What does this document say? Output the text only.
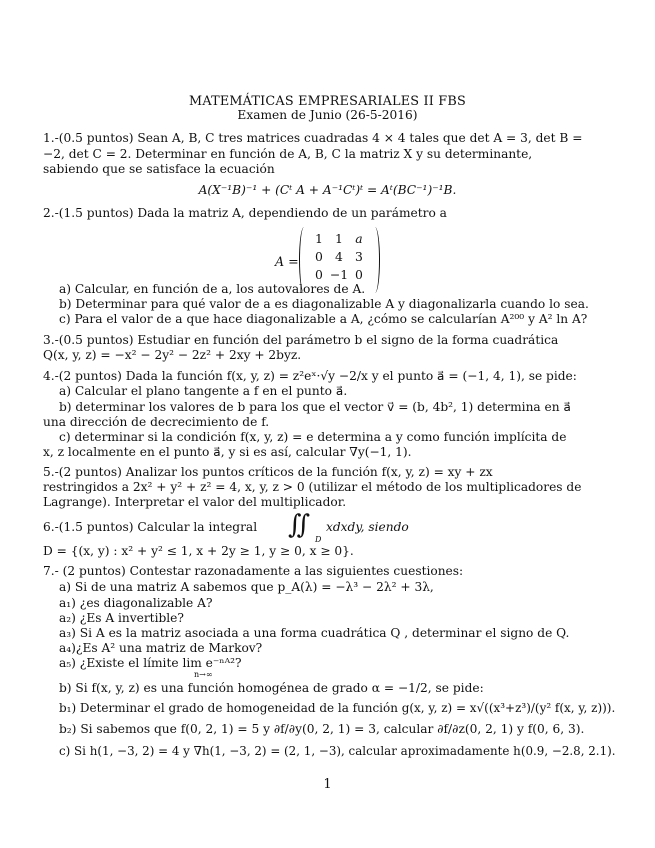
MATEMÁTICAS EMPRESARIALES II FBS
Examen de Junio (26-5-2016)
1.-(0.5 puntos) Sean A, B, C tres matrices cuadradas 4 × 4 tales que det A = 3, det B =
−2, det C = 2. Determinar en función de A, B, C la matriz X y su determinante,
sabiendo que se satisface la ecuación
A(X⁻¹B)⁻¹ + (Cᵗ A + A⁻¹Cᵗ)ᵗ = Aᵗ(BC⁻¹)⁻¹B.
2.-(1.5 puntos) Dada la matriz A, dependiendo de un parámetro a
A =
1 1 a
0 4 3
0 −1 0
a) Calcular, en función de a, los autovalores de A.
b) Determinar para qué valor de a es diagonalizable A y diagonalizarla cuando lo sea.
c) Para el valor de a que hace diagonalizable a A, ¿cómo se calcularían A²⁰⁰ y A² ln A?
3.-(0.5 puntos) Estudiar en función del parámetro b el signo de la forma cuadrática
Q(x, y, z) = −x² − 2y² − 2z² + 2xy + 2byz.
4.-(2 puntos) Dada la función f(x, y, z) = z²eˣ·√y −2/x y el punto a⃗ = (−1, 4, 1), se pide:
a) Calcular el plano tangente a f en el punto a⃗.
b) determinar los valores de b para los que el vector v⃗ = (b, 4b², 1) determina en a⃗
una dirección de decrecimiento de f.
c) determinar si la condición f(x, y, z) = e determina a y como función implícita de
x, z localmente en el punto a⃗, y si es así, calcular ∇y(−1, 1).
5.-(2 puntos) Analizar los puntos críticos de la función f(x, y, z) = xy + zx
restringidos a 2x² + y² + z² = 4, x, y, z > 0 (utilizar el método de los multiplicadores de
Lagrange). Interpretar el valor del multiplicador.
6.-(1.5 puntos) Calcular la integral ∬ D
xdxdy, siendo
D = {(x, y) : x² + y² ≤ 1, x + 2y ≥ 1, y ≥ 0, x ≥ 0}.
7.- (2 puntos) Contestar razonadamente a las siguientes cuestiones:
a) Si de una matriz A sabemos que p_A(λ) = −λ³ − 2λ² + 3λ,
a₁) ¿es diagonalizable A?
a₂) ¿Es A invertible?
a₃) Si A es la matriz asociada a una forma cuadrática Q , determinar el signo de Q.
a₄)¿Es A² una matriz de Markov?
a₅) ¿Existe el límite lim e⁻ⁿᴬ²?
n→∞
b) Si f(x, y, z) es una función homogénea de grado α = −1/2, se pide:
b₁) Determinar el grado de homogeneidad de la función g(x, y, z) = x√((x³+z³)/(y² f(x, y, z))).
b₂) Si sabemos que f(0, 2, 1) = 5 y ∂f/∂y(0, 2, 1) = 3, calcular ∂f/∂z(0, 2, 1) y f(0, 6, 3).
c) Si h(1, −3, 2) = 4 y ∇h(1, −3, 2) = (2, 1, −3), calcular aproximadamente h(0.9, −2.8, 2.1).
1
